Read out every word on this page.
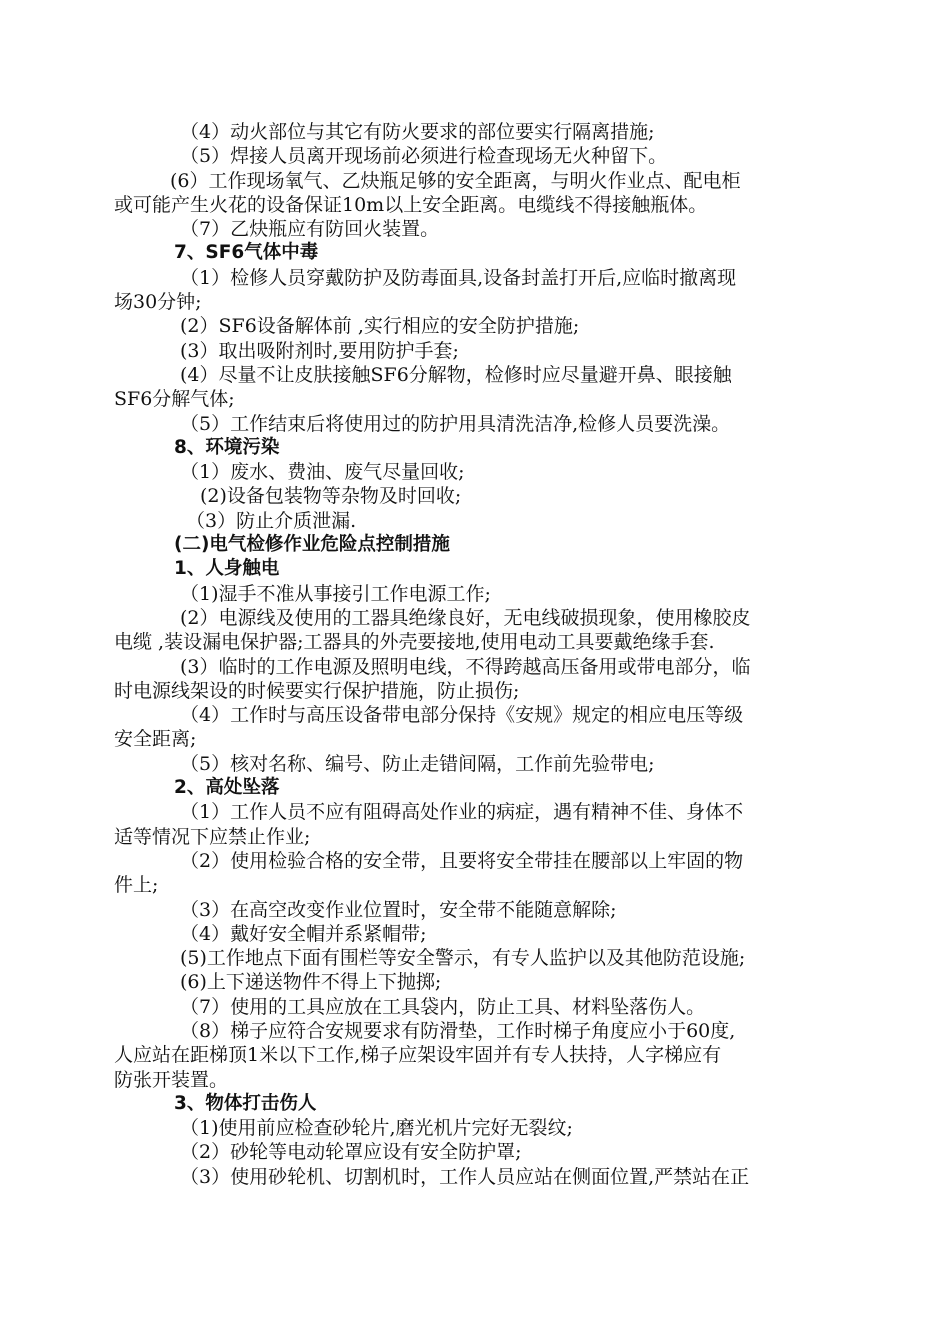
（4）动火部位与其它有防火要求的部位要实行隔离措施;
（5）焊接人员离开现场前必须进行检查现场无火种留下。
(6）工作现场氧气、乙炔瓶足够的安全距离，与明火作业点、配电柜
或可能产生火花的设备保证10m以上安全距离。电缆线不得接触瓶体。
（7）乙炔瓶应有防回火装置。
7、SF6气体中毒
（1）检修人员穿戴防护及防毒面具,设备封盖打开后,应临时撤离现
场30分钟;
(2）SF6设备解体前 ,实行相应的安全防护措施;
(3）取出吸附剂时,要用防护手套;
(4）尽量不让皮肤接触SF6分解物，检修时应尽量避开鼻、眼接触
SF6分解气体;
（5）工作结束后将使用过的防护用具清洗洁净,检修人员要洗澡。
8、环境污染
（1）废水、费油、废气尽量回收;
(2)设备包装物等杂物及时回收;
（3）防止介质泄漏.
(二)电气检修作业危险点控制措施
1、人身触电
（1)湿手不准从事接引工作电源工作;
(2）电源线及使用的工器具绝缘良好，无电线破损现象，使用橡胶皮
电缆 ,装设漏电保护器;工器具的外壳要接地,使用电动工具要戴绝缘手套.
(3）临时的工作电源及照明电线，不得跨越高压备用或带电部分，临
时电源线架设的时候要实行保护措施，防止损伤;
（4）工作时与高压设备带电部分保持《安规》规定的相应电压等级
安全距离;
（5）核对名称、编号、防止走错间隔，工作前先验带电;
2、高处坠落
（1）工作人员不应有阻碍高处作业的病症，遇有精神不佳、身体不
适等情况下应禁止作业;
（2）使用检验合格的安全带，且要将安全带挂在腰部以上牢固的物
件上;
（3）在高空改变作业位置时，安全带不能随意解除;
（4）戴好安全帽并系紧帽带;
(5)工作地点下面有围栏等安全警示，有专人监护以及其他防范设施;
(6)上下递送物件不得上下抛掷;
（7）使用的工具应放在工具袋内，防止工具、材料坠落伤人。
（8）梯子应符合安规要求有防滑垫，工作时梯子角度应小于60度,
人应站在距梯顶1米以下工作,梯子应架设牢固并有专人扶持，人字梯应有
防张开装置。
3、物体打击伤人
（1)使用前应检查砂轮片,磨光机片完好无裂纹;
（2）砂轮等电动轮罩应设有安全防护罩;
（3）使用砂轮机、切割机时，工作人员应站在侧面位置,严禁站在正
